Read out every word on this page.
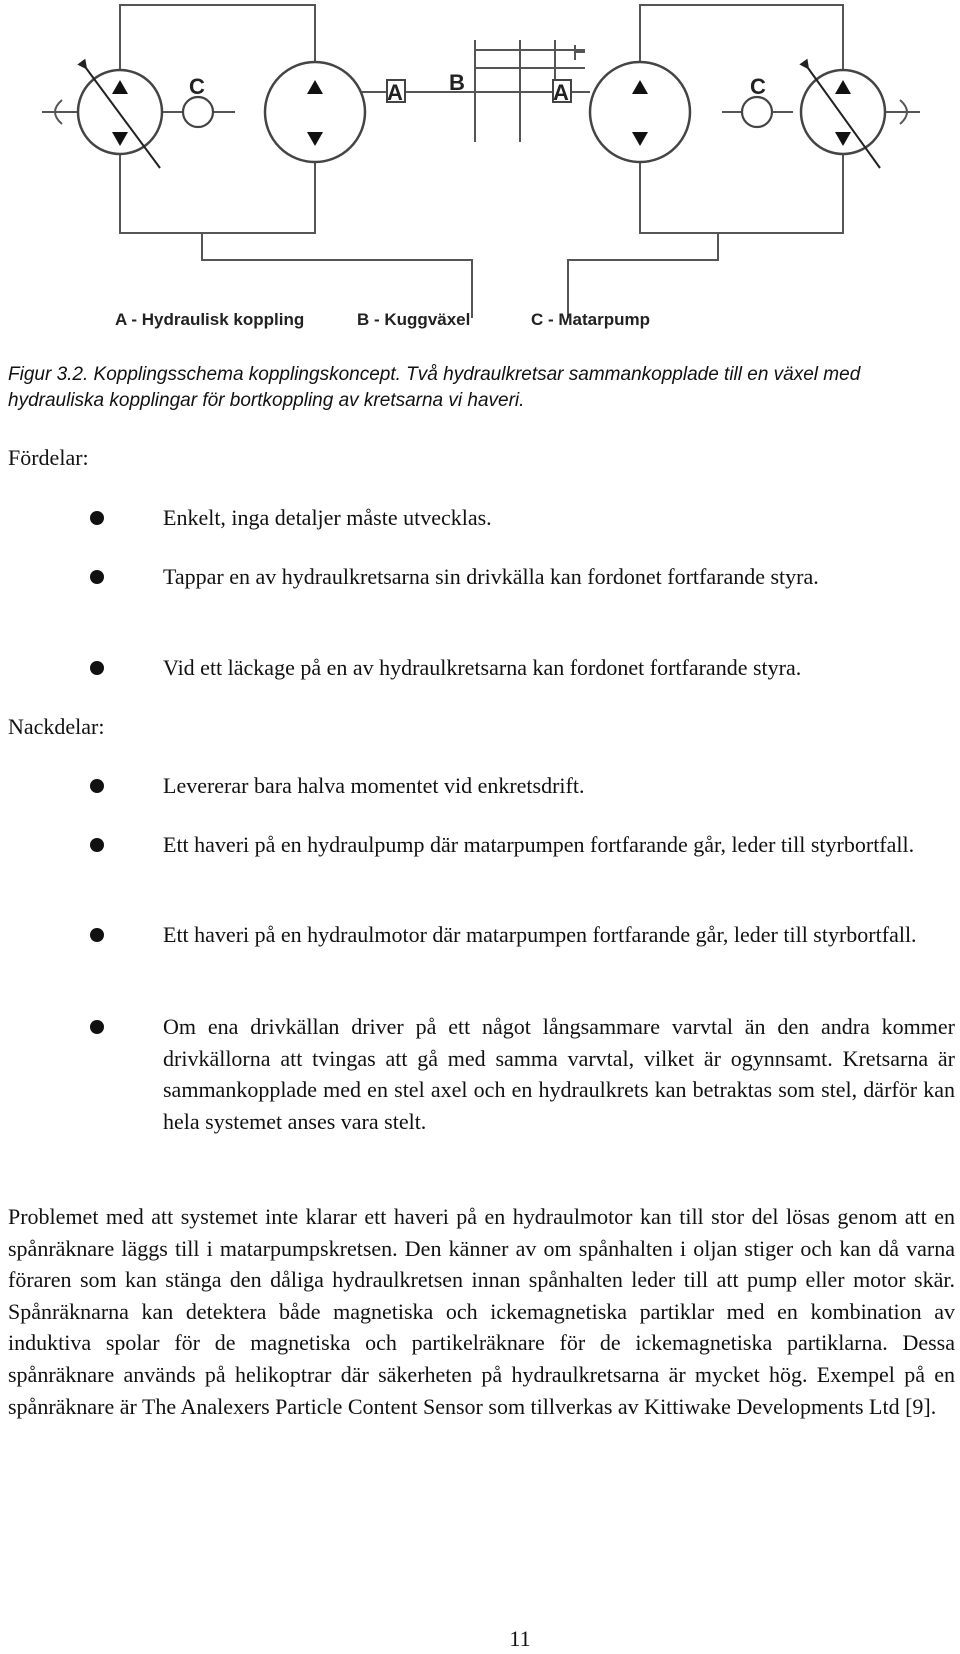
C	A B	A	C
A - Hydraulisk koppling	B - Kuggväxel	C - Matarpump
Figur 3.2. Kopplingsschema kopplingskoncept. Två hydraulkretsar sammankopplade till en växel med hydrauliska kopplingar för bortkoppling av kretsarna vi haveri.
Fördelar:
Enkelt, inga detaljer måste utvecklas.
Tappar en av hydraulkretsarna sin drivkälla kan fordonet fortfarande styra.
Vid ett läckage på en av hydraulkretsarna kan fordonet fortfarande styra.
Nackdelar:
Levererar bara halva momentet vid enkretsdrift.
Ett haveri på en hydraulpump där matarpumpen fortfarande går, leder till styrbortfall.
Ett haveri på en hydraulmotor där matarpumpen fortfarande går, leder till styrbortfall.
Om ena drivkällan driver på ett något långsammare varvtal än den andra kommer drivkällorna att tvingas att gå med samma varvtal, vilket är ogynnsamt. Kretsarna är sammankopplade med en stel axel och en hydraulkrets kan betraktas som stel, därför kan hela systemet anses vara stelt.
Problemet med att systemet inte klarar ett haveri på en hydraulmotor kan till stor del lösas genom att en spånräknare läggs till i matarpumpskretsen. Den känner av om spånhalten i oljan stiger och kan då varna föraren som kan stänga den dåliga hydraulkretsen innan spånhalten leder till att pump eller motor skär. Spånräknarna kan detektera både magnetiska och ickemagnetiska partiklar med en kombination av induktiva spolar för de magnetiska och partikelräknare för de ickemagnetiska partiklarna. Dessa spånräknare används på helikoptrar där säkerheten på hydraulkretsarna är mycket hög. Exempel på en spånräknare är The Analexers Particle Content Sensor som tillverkas av Kittiwake Developments Ltd [9].
11
